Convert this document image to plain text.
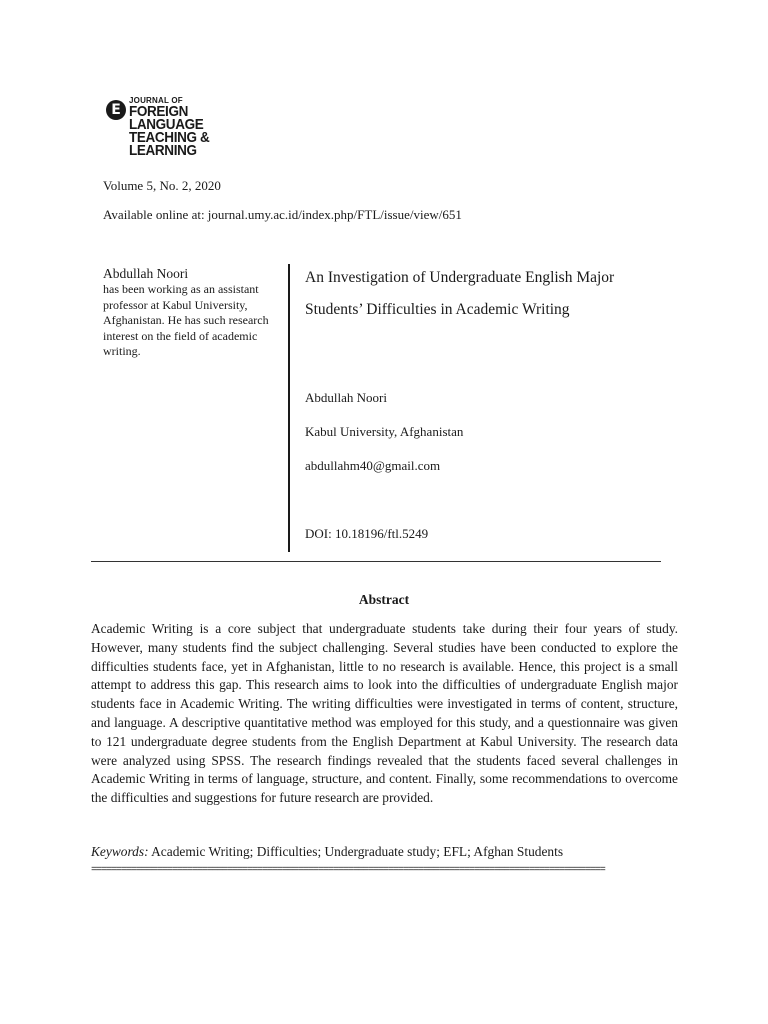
E
JOURNAL OF
FOREIGN
LANGUAGE
TEACHING &
LEARNING
Volume 5, No. 2, 2020
Available online at: journal.umy.ac.id/index.php/FTL/issue/view/651
Abdullah Noori
has been working as an assistant professor at Kabul University, Afghanistan. He has such research interest on the field of academic writing.
An Investigation of Undergraduate English Major Students’ Difficulties in Academic Writing
Abdullah Noori
Kabul University, Afghanistan
abdullahm40@gmail.com
DOI: 10.18196/ftl.5249
Abstract

Academic Writing is a core subject that undergraduate students take during their four years of study. However, many students find the subject challenging. Several studies have been conducted to explore the difficulties students face, yet in Afghanistan, little to no research is available. Hence, this project is a small attempt to address this gap. This research aims to look into the difficulties of undergraduate English major students face in Academic Writing. The writing difficulties were investigated in terms of content, structure, and language. A descriptive quantitative method was employed for this study, and a questionnaire was given to 121 undergraduate degree students from the English Department at Kabul University. The research data were analyzed using SPSS. The research findings revealed that the students faced several challenges in Academic Writing in terms of language, structure, and content. Finally, some recommendations to overcome the difficulties and suggestions for future research are provided.

Keywords: Academic Writing; Difficulties; Undergraduate study; EFL; Afghan Students
======================================================================================================
